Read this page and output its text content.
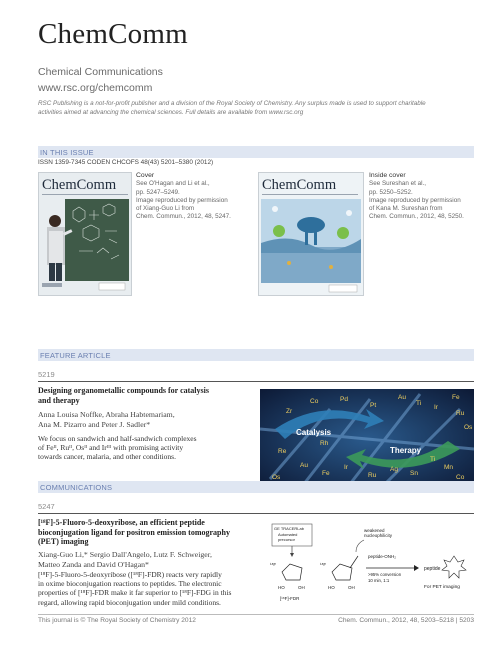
ChemComm
Chemical Communications
www.rsc.org/chemcomm
RSC Publishing is a not-for-profit publisher and a division of the Royal Society of Chemistry. Any surplus made is used to support charitable activities aimed at advancing the chemical sciences. Full details are available from www.rsc.org
IN THIS ISSUE
ISSN 1359-7345 CODEN CHCOFS 48(43) 5201–5380 (2012)
ChemComm
Cover
See O'Hagan and Li et al.,
pp. 5247–5249.
Image reproduced by permission
of Xiang-Guo Li from
Chem. Commun., 2012, 48, 5247.
ChemComm
Inside cover
See Sureshan et al.,
pp. 5250–5252.
Image reproduced by permission
of Kana M. Sureshan from
Chem. Commun., 2012, 48, 5250.
FEATURE ARTICLE
5219
Designing organometallic compounds for catalysis
and therapy
Anna Louisa Noffke, Abraha Habtemariam,
Ana M. Pizarro and Peter J. Sadler*
We focus on sandwich and half-sandwich complexes
of Feᴵᴵ, Ruᴵᴵ, Osᴵᴵ and Irᴵᴵᴵ with promising activity
towards cancer, malaria, and other conditions.
Catalysis
Therapy
Zr
Co	Pd
Pt
Au
Ti
Ir
Fe
Ru
Os
Re
Au
Fe
Ir
Ru
Ag
Sn
Ti
Mn
Co
Os
Rh
COMMUNICATIONS
5247
[¹⁸F]-5-Fluoro-5-deoxyribose, an efficient peptide
bioconjugation ligand for positron emission tomography
(PET) imaging
Xiang-Guo Li,* Sergio Dall'Angelo, Lutz F. Schweiger,
Matteo Zanda and David O'Hagan*
[¹⁸F]-5-Fluoro-5-deoxyribose ([¹⁸F]-FDR) reacts very rapidly
in oxime bioconjugation reactions to peptides. The electronic
properties of [¹⁸F]-FDR make it far superior to [¹⁸F]-FDG in this
regard, allowing rapid bioconjugation under mild conditions.
GE TRACERLab
Automated
precursor
¹⁸F
HO	OH
[¹⁸F]-FDR
¹⁸F
HO	OH
weakened
nucleophilicity
peptide-ONH₂
>95% conversion
10 min, 1:1
peptide
For PET imaging
This journal is © The Royal Society of Chemistry 2012	Chem. Commun., 2012, 48, 5203–5218 | 5203
